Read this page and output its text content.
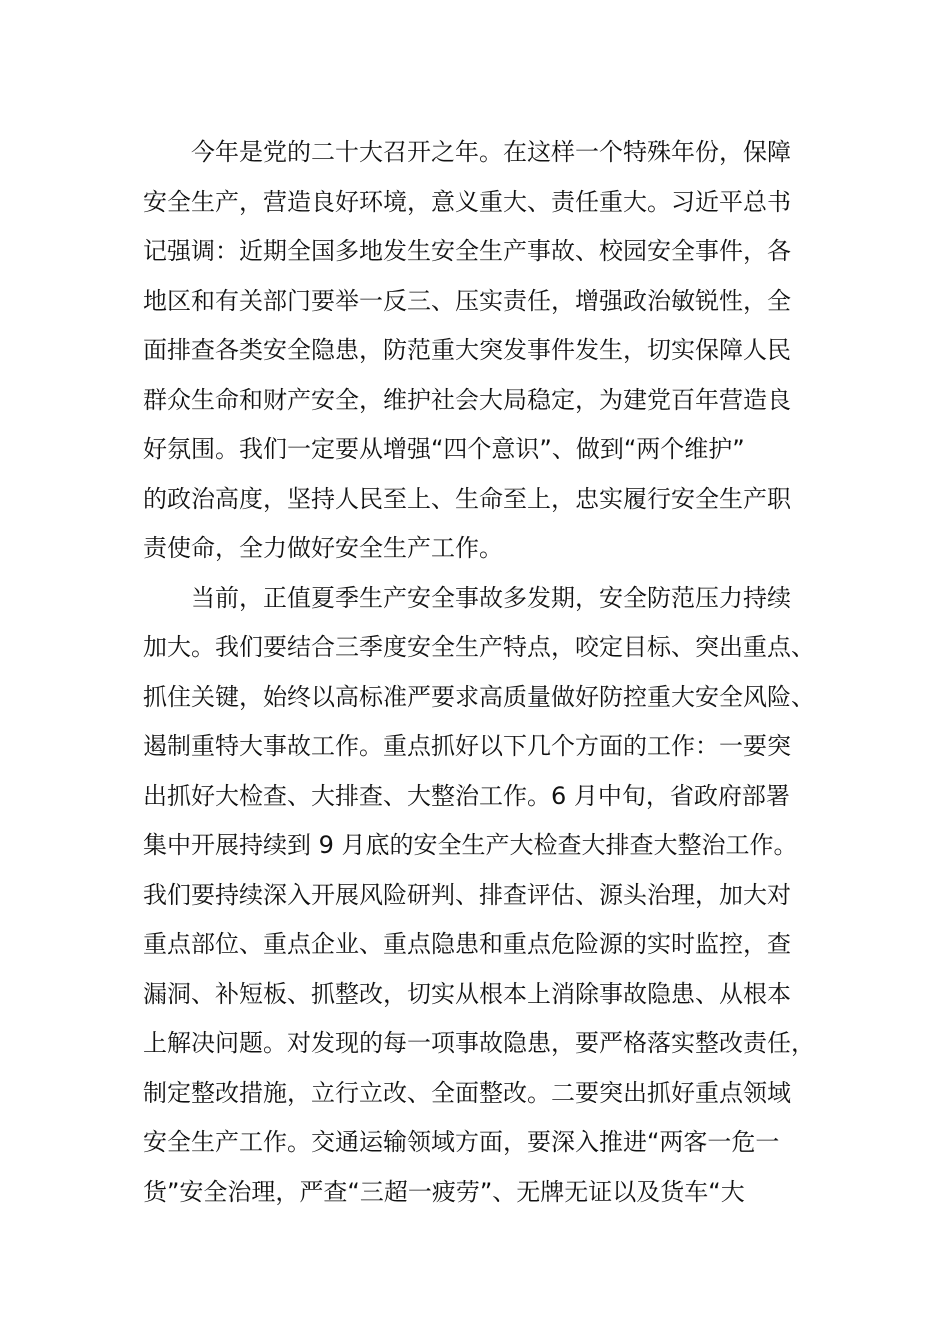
今年是党的二十大召开之年。在这样一个特殊年份，保障
安全生产，营造良好环境，意义重大、责任重大。习近平总书
记强调：近期全国多地发生安全生产事故、校园安全事件，各
地区和有关部门要举一反三、压实责任，增强政治敏锐性，全
面排查各类安全隐患，防范重大突发事件发生，切实保障人民
群众生命和财产安全，维护社会大局稳定，为建党百年营造良
好氛围。我们一定要从增强“四个意识”、做到“两个维护”
的政治高度，坚持人民至上、生命至上，忠实履行安全生产职
责使命，全力做好安全生产工作。
当前，正值夏季生产安全事故多发期，安全防范压力持续
加大。我们要结合三季度安全生产特点，咬定目标、突出重点、
抓住关键，始终以高标准严要求高质量做好防控重大安全风险、
遏制重特大事故工作。重点抓好以下几个方面的工作：一要突
出抓好大检查、大排查、大整治工作。6 月中旬，省政府部署
集中开展持续到 9 月底的安全生产大检查大排查大整治工作。
我们要持续深入开展风险研判、排查评估、源头治理，加大对
重点部位、重点企业、重点隐患和重点危险源的实时监控，查
漏洞、补短板、抓整改，切实从根本上消除事故隐患、从根本
上解决问题。对发现的每一项事故隐患，要严格落实整改责任，
制定整改措施，立行立改、全面整改。二要突出抓好重点领域
安全生产工作。交通运输领域方面，要深入推进“两客一危一
货”安全治理，严查“三超一疲劳”、无牌无证以及货车“大
